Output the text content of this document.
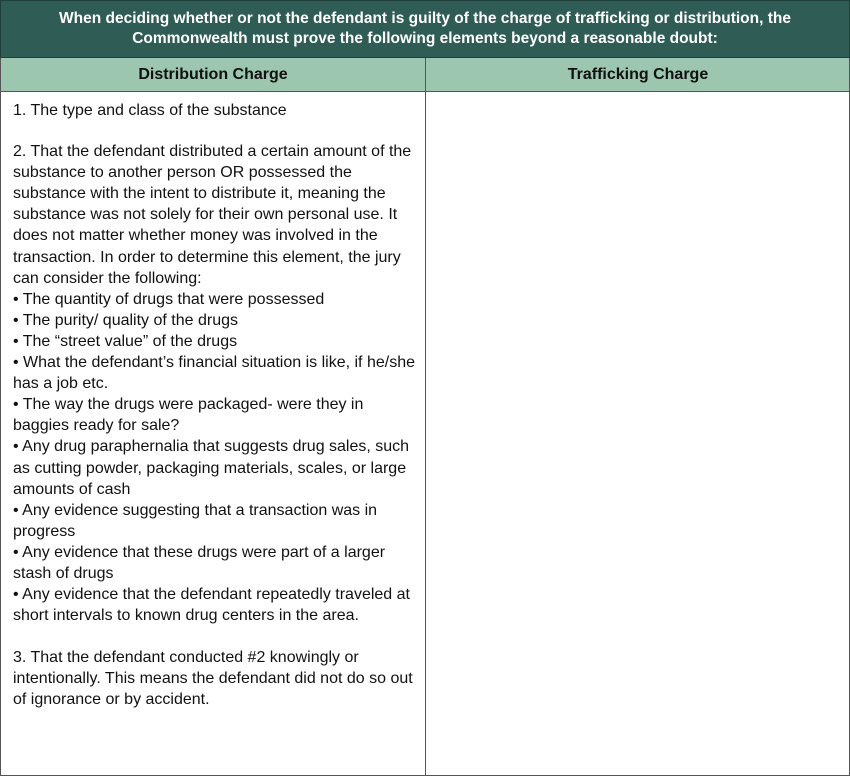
When deciding whether or not the defendant is guilty of the charge of trafficking or distribution, the
Commonwealth must prove the following elements beyond a reasonable doubt:
Distribution Charge	Trafficking Charge
1. The type and class of the substance
2. That the defendant distributed a certain amount of the substance to another person OR possessed the substance with the intent to distribute it, meaning the substance was not solely for their own personal use. It does not matter whether money was involved in the transaction. In order to determine this element, the jury can consider the following:
• The quantity of drugs that were possessed
• The purity/ quality of the drugs
• The “street value” of the drugs
• What the defendant’s financial situation is like, if he/she has a job etc.
• The way the drugs were packaged- were they in baggies ready for sale?
• Any drug paraphernalia that suggests drug sales, such as cutting powder, packaging materials, scales, or large amounts of cash
• Any evidence suggesting that a transaction was in progress
• Any evidence that these drugs were part of a larger stash of drugs
• Any evidence that the defendant repeatedly traveled at short intervals to known drug centers in the area.
3. That the defendant conducted #2 knowingly or intentionally. This means the defendant did not do so out of ignorance or by accident.
